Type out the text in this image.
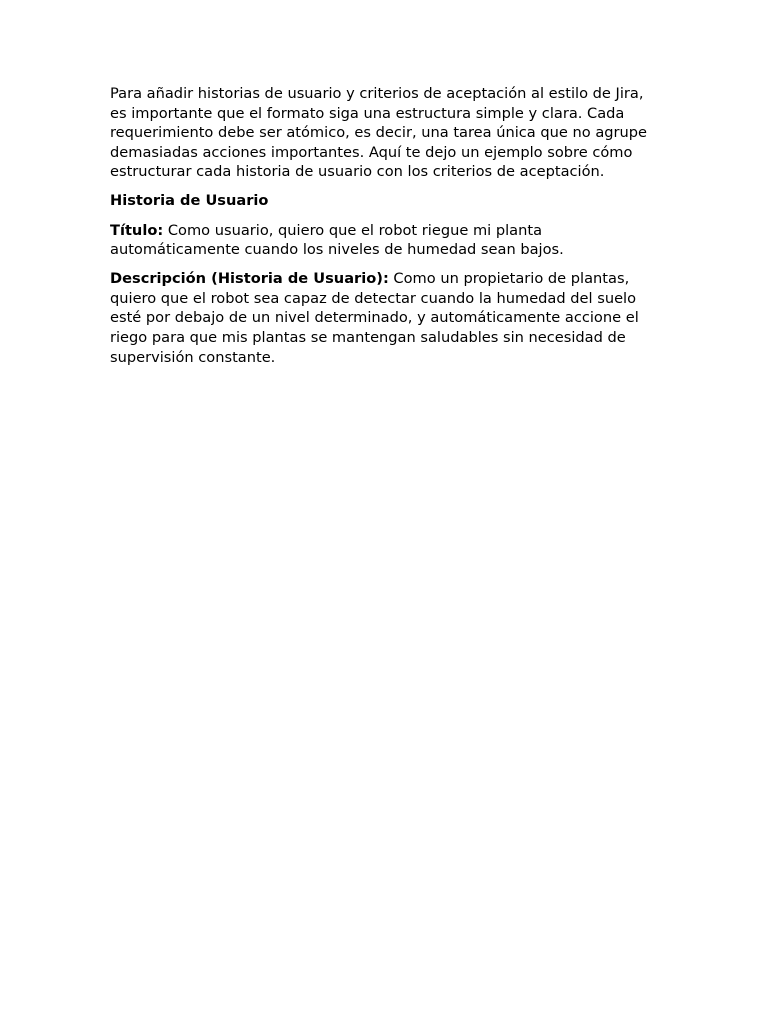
Para añadir historias de usuario y criterios de aceptación al estilo de Jira, es importante que el formato siga una estructura simple y clara. Cada requerimiento debe ser atómico, es decir, una tarea única que no agrupe demasiadas acciones importantes. Aquí te dejo un ejemplo sobre cómo estructurar cada historia de usuario con los criterios de aceptación.

Historia de Usuario

Título: Como usuario, quiero que el robot riegue mi planta automáticamente cuando los niveles de humedad sean bajos.

Descripción (Historia de Usuario): Como un propietario de plantas, quiero que el robot sea capaz de detectar cuando la humedad del suelo esté por debajo de un nivel determinado, y automáticamente accione el riego para que mis plantas se mantengan saludables sin necesidad de supervisión constante.
